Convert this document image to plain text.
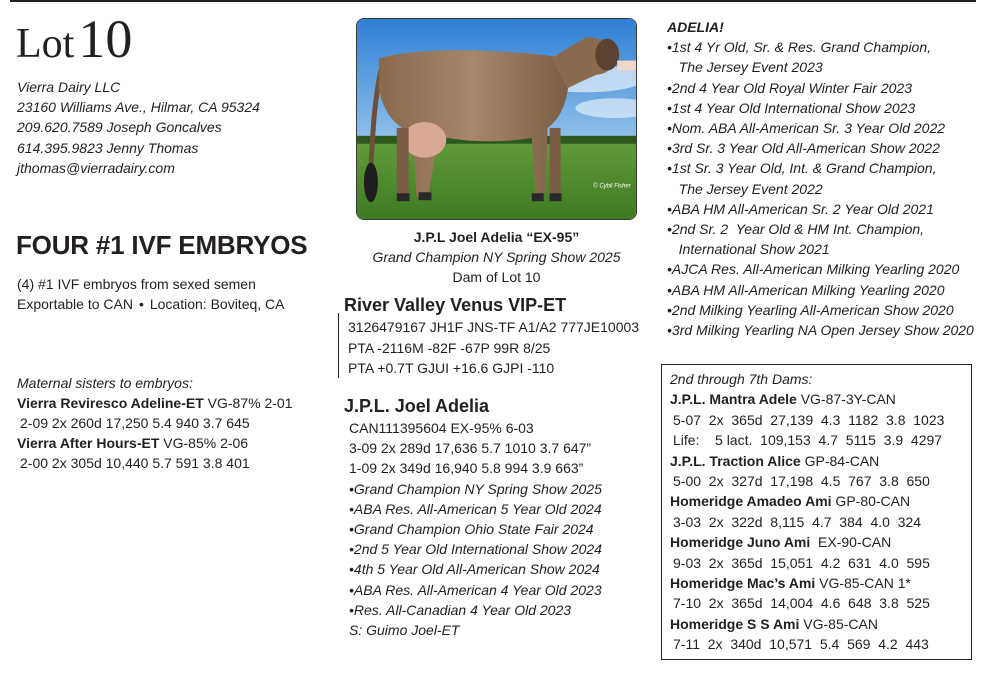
Lot 10
Vierra Dairy LLC
23160 Williams Ave., Hilmar, CA 95324
209.620.7589 Joseph Goncalves
614.395.9823 Jenny Thomas
jthomas@vierradairy.com
FOUR #1 IVF EMBRYOS
(4) #1 IVF embryos from sexed semen
Exportable to CAN • Location: Boviteq, CA
Maternal sisters to embryos:
Vierra Reviresco Adeline-ET VG-87% 2-01
2-09 2x 260d 17,250 5.4 940 3.7 645
Vierra After Hours-ET VG-85% 2-06
2-00 2x 305d 10,440 5.7 591 3.8 401
© Cybil Fisher
J.P.L Joel Adelia “EX-95”
Grand Champion NY Spring Show 2025
Dam of Lot 10
River Valley Venus VIP-ET
3126479167 JH1F JNS-TF A1/A2 777JE10003
PTA -2116M -82F -67P 99R 8/25
PTA +0.7T GJUI +16.6 GJPI -110
J.P.L. Joel Adelia
CAN111395604 EX-95% 6-03
3-09 2x 289d 17,636 5.7 1010 3.7 647”
1-09 2x 349d 16,940 5.8 994 3.9 663”
•Grand Champion NY Spring Show 2025
•ABA Res. All-American 5 Year Old 2024
•Grand Champion Ohio State Fair 2024
•2nd 5 Year Old International Show 2024
•4th 5 Year Old All-American Show 2024
•ABA Res. All-American 4 Year Old 2023
•Res. All-Canadian 4 Year Old 2023
S: Guimo Joel-ET
ADELIA!
•1st 4 Yr Old, Sr. & Res. Grand Champion,
The Jersey Event 2023
•2nd 4 Year Old Royal Winter Fair 2023
•1st 4 Year Old International Show 2023
•Nom. ABA All-American Sr. 3 Year Old 2022
•3rd Sr. 3 Year Old All-American Show 2022
•1st Sr. 3 Year Old, Int. & Grand Champion,
The Jersey Event 2022
•ABA HM All-American Sr. 2 Year Old 2021
•2nd Sr. 2  Year Old & HM Int. Champion,
International Show 2021
•AJCA Res. All-American Milking Yearling 2020
•ABA HM All-American Milking Yearling 2020
•2nd Milking Yearling All-American Show 2020
•3rd Milking Yearling NA Open Jersey Show 2020
2nd through 7th Dams:
J.P.L. Mantra Adele VG-87-3Y-CAN
5-07  2x  365d  27,139  4.3  1182  3.8  1023
Life:    5 lact.  109,153  4.7  5115  3.9  4297
J.P.L. Traction Alice GP-84-CAN
5-00  2x  327d  17,198  4.5  767  3.8  650
Homeridge Amadeo Ami GP-80-CAN
3-03  2x  322d  8,115  4.7  384  4.0  324
Homeridge Juno Ami  EX-90-CAN
9-03  2x  365d  15,051  4.2  631  4.0  595
Homeridge Mac’s Ami VG-85-CAN 1*
7-10  2x  365d  14,004  4.6  648  3.8  525
Homeridge S S Ami VG-85-CAN
7-11  2x  340d  10,571  5.4  569  4.2  443
